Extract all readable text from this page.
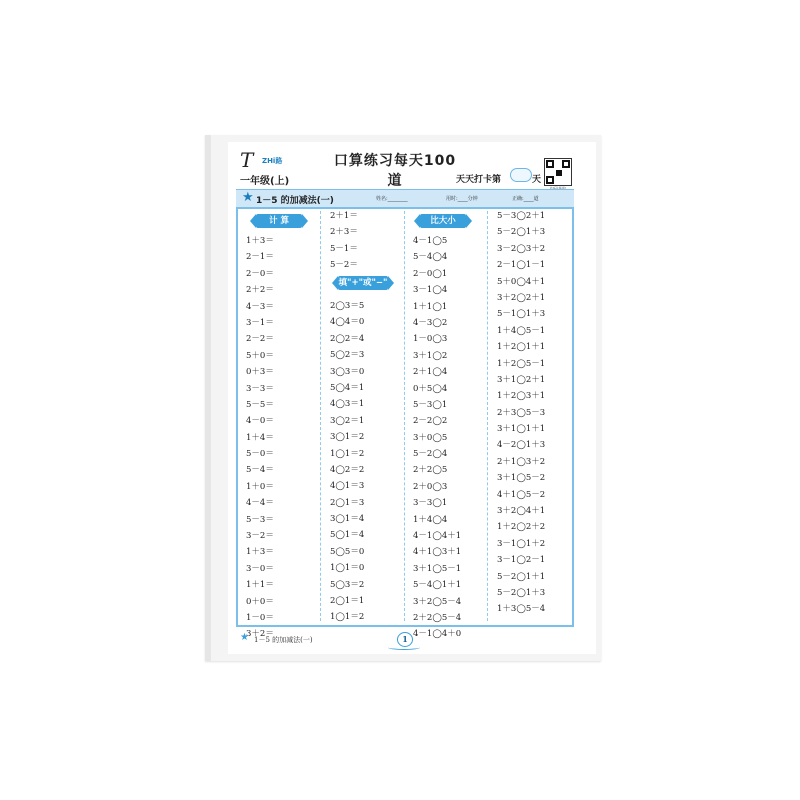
T ZHi路	口算练习每天100道
一年级(上)	天天打卡第	天
★ 1－5 的加减法(一)	姓名:________	用时:____分钟	正确:____道
计 算
填"+"或"−"
比大小
1＋3＝
2－1＝
2－0＝
2＋2＝
4－3＝
3－1＝
2－2＝
5＋0＝
0＋3＝
3－3＝
5－5＝
4－0＝
1＋4＝
5－0＝
5－4＝
1＋0＝
4－4＝
5－3＝
3－2＝
1＋3＝
3－0＝
1＋1＝
0＋0＝
1－0＝
3＋2＝
2＋1＝
2＋3＝
5－1＝
5－2＝
2◯3＝5
4◯4＝0
2◯2＝4
5◯2＝3
3◯3＝0
5◯4＝1
4◯3＝1
3◯2＝1
3◯1＝2
1◯1＝2
4◯2＝2
4◯1＝3
2◯1＝3
3◯1＝4
5◯1＝4
5◯5＝0
1◯1＝0
5◯3＝2
2◯1＝1
1◯1＝2
4－1◯5
5－4◯4
2－0◯1
3－1◯4
1＋1◯1
4－3◯2
1－0◯3
3＋1◯2
2＋1◯4
0＋5◯4
5－3◯1
2－2◯2
3＋0◯5
5－2◯4
2＋2◯5
2＋0◯3
3－3◯1
1＋4◯4
4－1◯4＋1
4＋1◯3＋1
3＋1◯5－1
5－4◯1＋1
3＋2◯5－4
2＋2◯5－4
4－1◯4＋0
5－3◯2＋1
5－2◯1＋3
3－2◯3＋2
2－1◯1－1
5＋0◯4＋1
3＋2◯2＋1
5－1◯1＋3
1＋4◯5－1
1＋2◯1＋1
1＋2◯5－1
3＋1◯2＋1
1＋2◯3＋1
2＋3◯5－3
3＋1◯1＋1
4－2◯1＋3
2＋1◯3＋2
3＋1◯5－2
4＋1◯5－2
3＋2◯4＋1
1＋2◯2＋2
3－1◯1＋2
3－1◯2－1
5－2◯1＋1
5－2◯1＋3
1＋3◯5－4
★ 1－5 的加减法(一)	1
